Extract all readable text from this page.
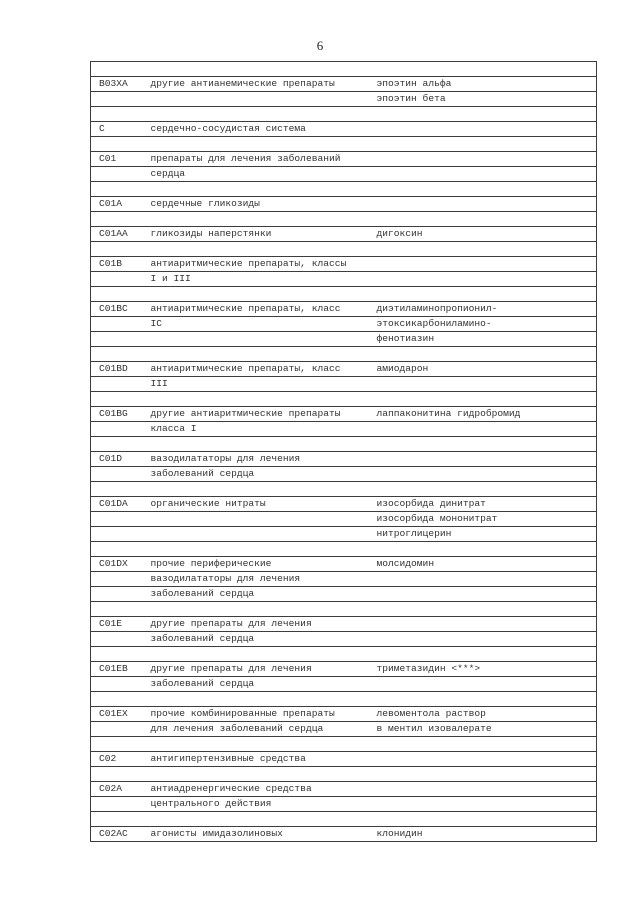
6

B03XA	другие антианемические препараты	эпоэтин альфа
		эпоэтин бета

C	сердечно-сосудистая система	

C01	препараты для лечения заболеваний	
	сердца	

C01A	сердечные гликозиды	

C01AA	гликозиды наперстянки	дигоксин

C01B	антиаритмические препараты, классы	
	I и III	

C01BC	антиаритмические препараты, класс	диэтиламинопропионил-
	IC	этоксикарбониламино-
		фенотиазин

C01BD	антиаритмические препараты, класс	амиодарон
	III	

C01BG	другие антиаритмические препараты	лаппаконитина гидробромид
	класса I	

C01D	вазодилататоры для лечения	
	заболеваний сердца	

C01DA	органические нитраты	изосорбида динитрат
		изосорбида мононитрат
		нитроглицерин

C01DX	прочие периферические	молсидомин
	вазодилататоры для лечения	
	заболеваний сердца	

C01E	другие препараты для лечения	
	заболеваний сердца	

C01EB	другие препараты для лечения	триметазидин <***>
	заболеваний сердца	

C01EX	прочие комбинированные препараты	левоментола раствор
	для лечения заболеваний сердца	в ментил изовалерате

C02	антигипертензивные средства	

C02A	антиадренергические средства	
	центрального действия	

C02AC	агонисты имидазолиновых	клонидин
